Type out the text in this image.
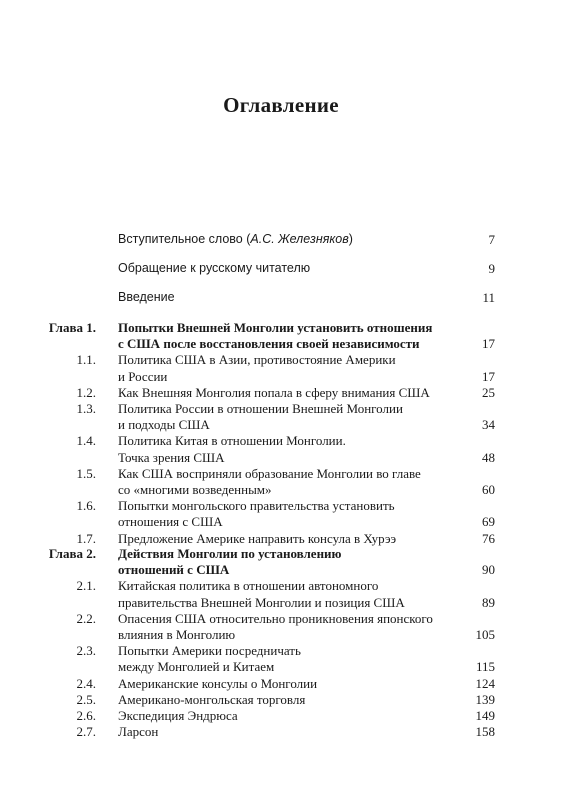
Оглавление
Вступительное слово (А.С. Железняков)	7
Обращение к русскому читателю	9
Введение	11
Глава 1. Попытки Внешней Монголии установить отношения
с США после восстановления своей независимости	17
1.1. Политика США в Азии, противостояние Америки
и России	17
1.2. Как Внешняя Монголия попала в сферу внимания США	25
1.3. Политика России в отношении Внешней Монголии
и подходы США	34
1.4. Политика Китая в отношении Монголии.
Точка зрения США	48
1.5. Как США восприняли образование Монголии во главе
со «многими возведенным»	60
1.6. Попытки монгольского правительства установить
отношения с США	69
1.7. Предложение Америке направить консула в Хурээ	76
Глава 2. Действия Монголии по установлению
отношений с США	90
2.1. Китайская политика в отношении автономного
правительства Внешней Монголии и позиция США	89
2.2. Опасения США относительно проникновения японского
влияния в Монголию	105
2.3. Попытки Америки посредничать
между Монголией и Китаем	115
2.4. Американские консулы о Монголии	124
2.5. Американо-монгольская торговля	139
2.6. Экспедиция Эндрюса	149
2.7. Ларсон	158
